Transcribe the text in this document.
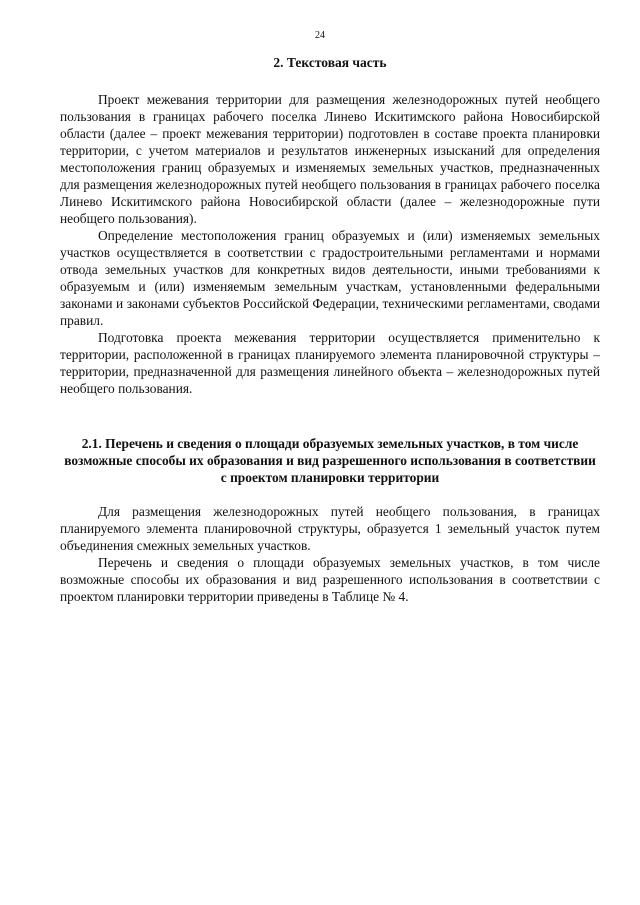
24
2. Текстовая часть

Проект межевания территории для размещения железнодорожных путей необщего пользования в границах рабочего поселка Линево Искитимского района Новосибирской области (далее – проект межевания территории) подготовлен в составе проекта планировки территории, с учетом материалов и результатов инженерных изысканий для определения местоположения границ образуемых и изменяемых земельных участков, предназначенных для размещения железнодорожных путей необщего пользования в границах рабочего поселка Линево Искитимского района Новосибирской области (далее – железнодорожные пути необщего пользования).

Определение местоположения границ образуемых и (или) изменяемых земельных участков осуществляется в соответствии с градостроительными регламентами и нормами отвода земельных участков для конкретных видов деятельности, иными требованиями к образуемым и (или) изменяемым земельным участкам, установленными федеральными законами и законами субъектов Российской Федерации, техническими регламентами, сводами правил.

Подготовка проекта межевания территории осуществляется применительно к территории, расположенной в границах планируемого элемента планировочной структуры – территории, предназначенной для размещения линейного объекта – железнодорожных путей необщего пользования.

2.1. Перечень и сведения о площади образуемых земельных участков, в том числе возможные способы их образования и вид разрешенного использования в соответствии с проектом планировки территории

Для размещения железнодорожных путей необщего пользования, в границах планируемого элемента планировочной структуры, образуется 1 земельный участок путем объединения смежных земельных участков.

Перечень и сведения о площади образуемых земельных участков, в том числе возможные способы их образования и вид разрешенного использования в соответствии с проектом планировки территории приведены в Таблице № 4.
